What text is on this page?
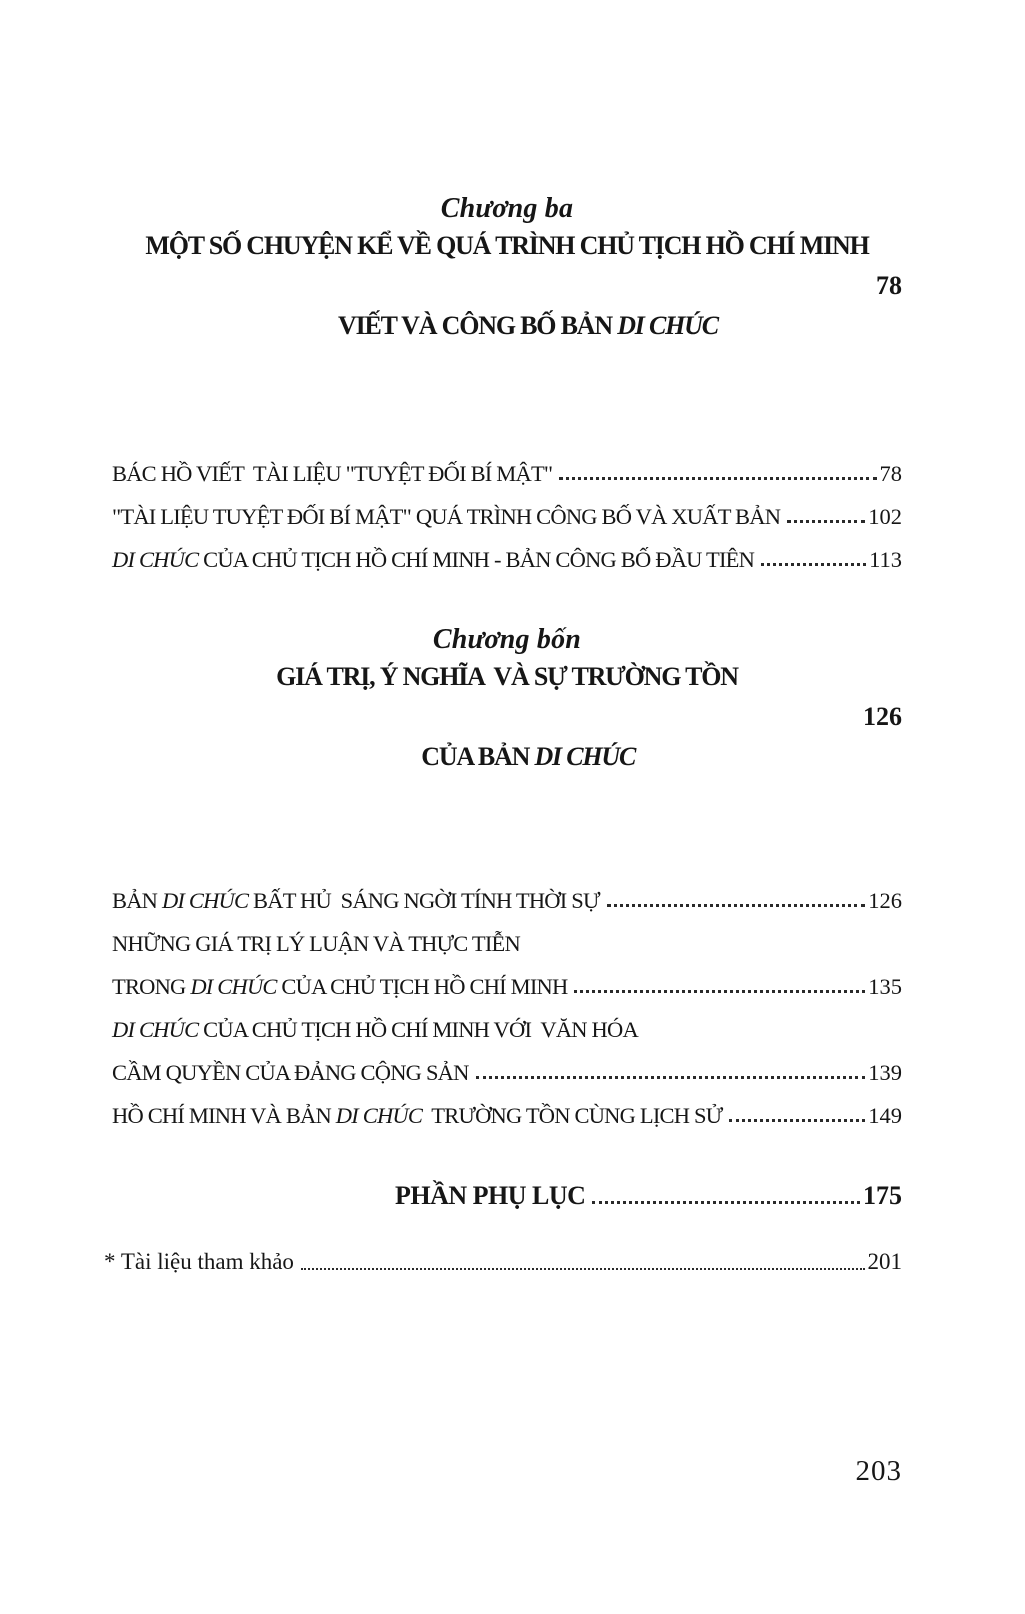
Chương ba
MỘT SỐ CHUYỆN KỂ VỀ QUÁ TRÌNH CHỦ TỊCH HỒ CHÍ MINH

VIẾT VÀ CÔNG BỐ BẢN DI CHÚC

78

BÁC HỒ VIẾT  TÀI LIỆU "TUYỆT ĐỐI BÍ MẬT"	78
"TÀI LIỆU TUYỆT ĐỐI BÍ MẬT" QUÁ TRÌNH CÔNG BỐ VÀ XUẤT BẢN	102
DI CHÚC CỦA CHỦ TỊCH HỒ CHÍ MINH - BẢN CÔNG BỐ ĐẦU TIÊN	113
Chương bốn
GIÁ TRỊ, Ý NGHĨA  VÀ SỰ TRƯỜNG TỒN

CỦA BẢN DI CHÚC

126

BẢN DI CHÚC BẤT HỦ  SÁNG NGỜI TÍNH THỜI SỰ	126
NHỮNG GIÁ TRỊ LÝ LUẬN VÀ THỰC TIỄN
TRONG DI CHÚC CỦA CHỦ TỊCH HỒ CHÍ MINH	135
DI CHÚC CỦA CHỦ TỊCH HỒ CHÍ MINH VỚI  VĂN HÓA
CẦM QUYỀN CỦA ĐẢNG CỘNG SẢN	139
HỒ CHÍ MINH VÀ BẢN DI CHÚC  TRƯỜNG TỒN CÙNG LỊCH SỬ	149
PHẦN PHỤ LỤC	175
* Tài liệu tham khảo	201
203
